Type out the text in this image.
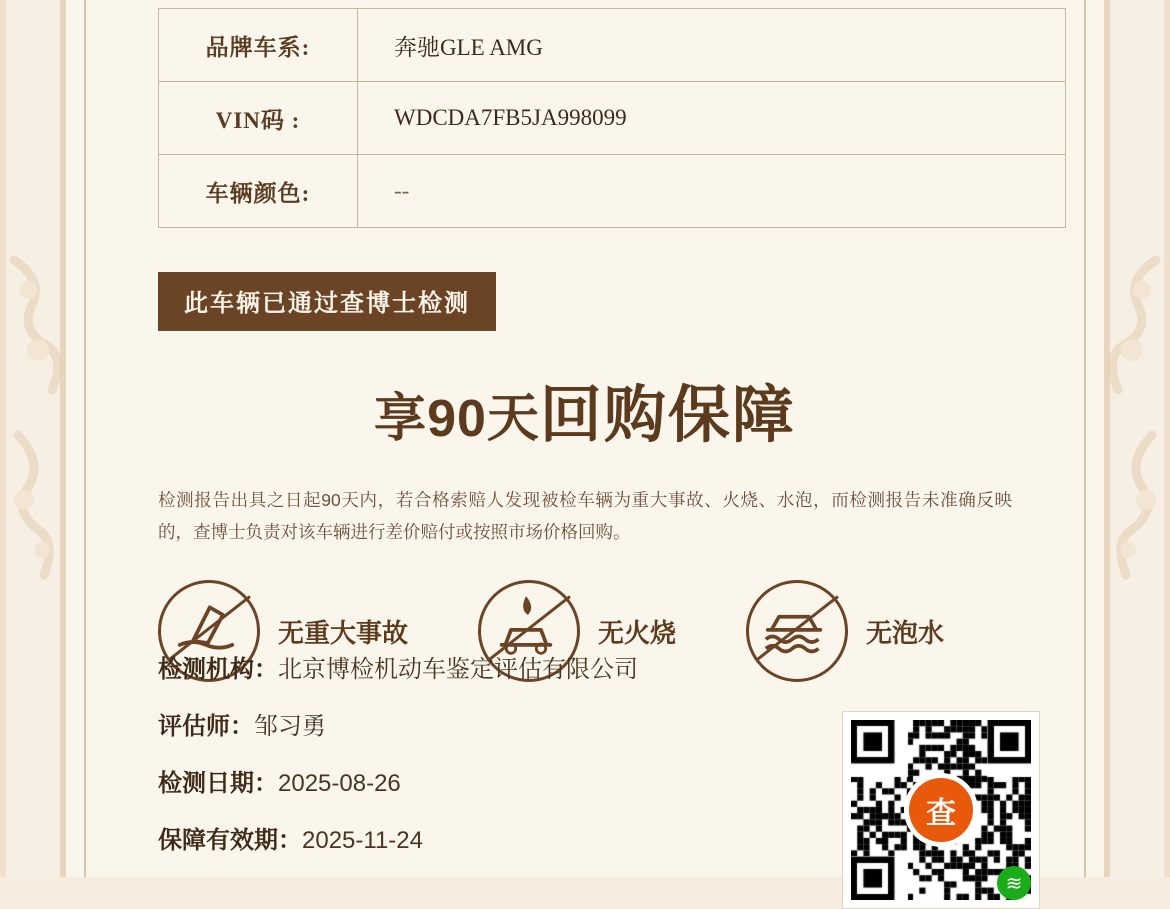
品牌车系:	奔驰GLE AMG
VIN码 :	WDCDA7FB5JA998099
车辆颜色:	--
此车辆已通过查博士检测
享90天回购保障
检测报告出具之日起90天内，若合格索赔人发现被检车辆为重大事故、火烧、水泡，而检测报告未准确反映的，查博士负责对该车辆进行差价赔付或按照市场价格回购。
无重大事故	无火烧	无泡水
检测机构：北京博检机动车鉴定评估有限公司
评估师：邹习勇
检测日期：2025-08-26
保障有效期：2025-11-24
查
≋
